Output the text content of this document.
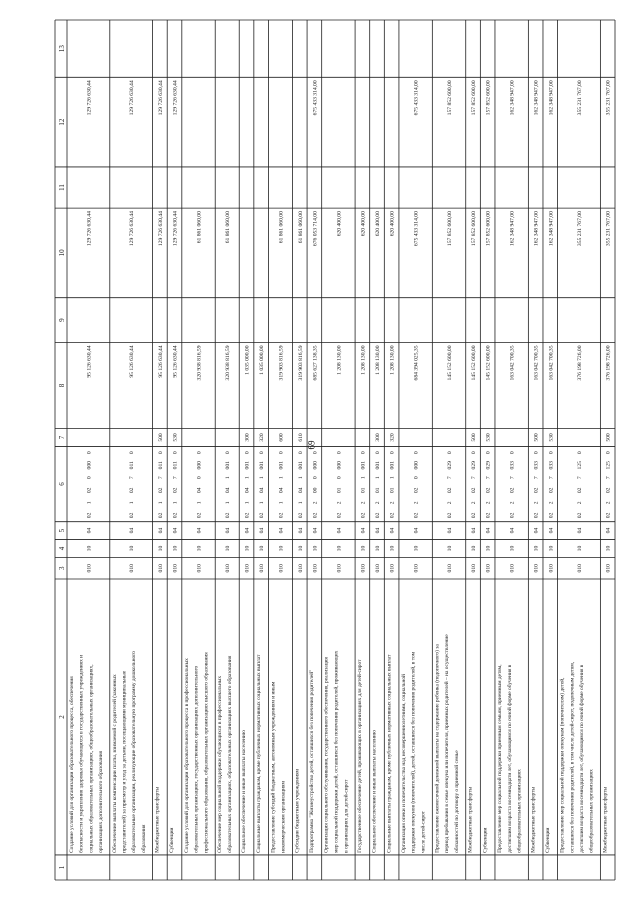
69
1
2
3
4
5
6
7
8
9
10
11
12
13
Создание условий для организации образовательного процесса, обеспечения безопасности и укрепления здоровья обучающихся в государственных учреждениях и социальных образовательных организациях, общеобразовательных организациях, организациях дополнительного образования
010
10
04
02
1
02
0
000
0
95 126 630,44
129 726 630,44
129 726 630,44
Обеспечение выплаты компенсации платы, взимаемой с родителей (законных представителей) за присмотр и уход за детьми, посещающими муниципальные образовательные организации, реализующие образовательную программу дошкольного образования
010
10
04
02
1
02
7
011
0
95 126 630,44
129 726 630,44
129 726 630,44
Межбюджетные трансферты
010
10
04
02
1
02
7
011
0
500
95 126 630,44
129 726 630,44
129 726 630,44
Субвенции
010
10
04
02
1
02
7
011
0
530
95 126 630,44
129 726 630,44
129 726 630,44
Создание условий для организации образовательного процесса в профессиональных образовательных организациях, государственных организациях дополнительного профессионального образования, образовательных организациях высшего образования
010
10
04
02
1
04
0
000
0
320 938 816,59
61 861 060,00
Обеспечение мер социальной поддержки обучающихся в профессиональных образовательных организациях, образовательных организациях высшего образования
010
10
04
02
1
04
1
001
0
320 938 816,59
61 861 060,00
Социальное обеспечение и иные выплаты населению
010
10
04
02
1
04
1
001
0
300
1 035 000,00
Социальные выплаты гражданам, кроме публичных нормативных социальных выплат
010
10
04
02
1
04
1
001
0
320
1 035 000,00
Предоставление субсидий бюджетным, автономным учреждениям и иным некоммерческим организациям
010
10
04
02
1
04
1
001
0
600
319 903 816,59
61 861 060,00
Субсидии бюджетным учреждениям
010
10
04
02
1
04
1
001
0
610
319 903 816,59
61 861 060,00
Подпрограмма "Жизнеустройство детей, оставшихся без попечения родителей"
010
10
04
02
2
00
0
000
0
685 627 138,35
676 053 714,00
675 433 314,00
Организация социального обслуживания, государственного обеспечения, реализация мер социальной поддержки детей, оставшихся без попечения родителей, проживающих в организациях для детей-сирот
010
10
04
02
2
01
0
000
0
1 208 130,00
620 400,00
Государственное обеспечение детей, проживающих в организациях для детей-сирот
010
10
04
02
2
01
1
001
0
1 208 130,00
620 400,00
Социальное обеспечение и иные выплаты населению
010
10
04
02
2
01
1
001
0
300
1 208 130,00
620 400,00
Социальные выплаты гражданам, кроме публичных нормативных социальных выплат
010
10
04
02
2
01
1
001
0
320
1 208 130,00
620 400,00
Организация опеки и попечительства над несовершеннолетними, социальной поддержки опекунов (попечителей), детей, оставшихся без попечения родителей, в том числе детей-сирот
010
10
04
02
2
02
0
000
0
684 394 025,35
675 433 314,00
675 433 314,00
Предоставление ежемесячной денежной выплаты на содержание ребенка (подопечного) за период пребывания в семье опекуна или попечителя, приемных родителей – на осуществление обязанностей по договору о приемной семье
010
10
04
02
2
02
7
029
0
145 152 600,00
157 852 600,00
157 852 600,00
Межбюджетные трансферты
010
10
04
02
2
02
7
029
0
500
145 152 600,00
157 852 600,00
157 852 600,00
Субвенции
010
10
04
02
2
02
7
029
0
530
145 152 600,00
157 852 600,00
157 852 600,00
Предоставление мер социальной поддержки приемным семьям, приемным детям, достигшим возраста восемнадцати лет, обучающимся по очной форме обучения в общеобразовательных организациях
010
10
04
02
2
02
7
033
0
163 042 700,35
162 348 947,00
162 348 947,00
Межбюджетные трансферты
010
10
04
02
2
02
7
033
0
500
163 042 700,35
162 348 947,00
162 348 947,00
Субвенции
010
10
04
02
2
02
7
033
0
530
163 042 700,35
162 348 947,00
162 348 947,00
Предоставление мер социальной поддержки опекунам (попечителям) детей, оставшихся без попечения родителей, в том числе детей-сирот, подопечным детям, достигшим возраста восемнадцати лет, обучающимся по очной форме обучения в общеобразовательных организациях
010
10
04
02
2
02
7
125
0
376 198 726,00
355 231 767,00
355 231 767,00
Межбюджетные трансферты
010
10
04
02
2
02
7
125
0
500
376 198 726,00
355 231 767,00
355 231 767,00
